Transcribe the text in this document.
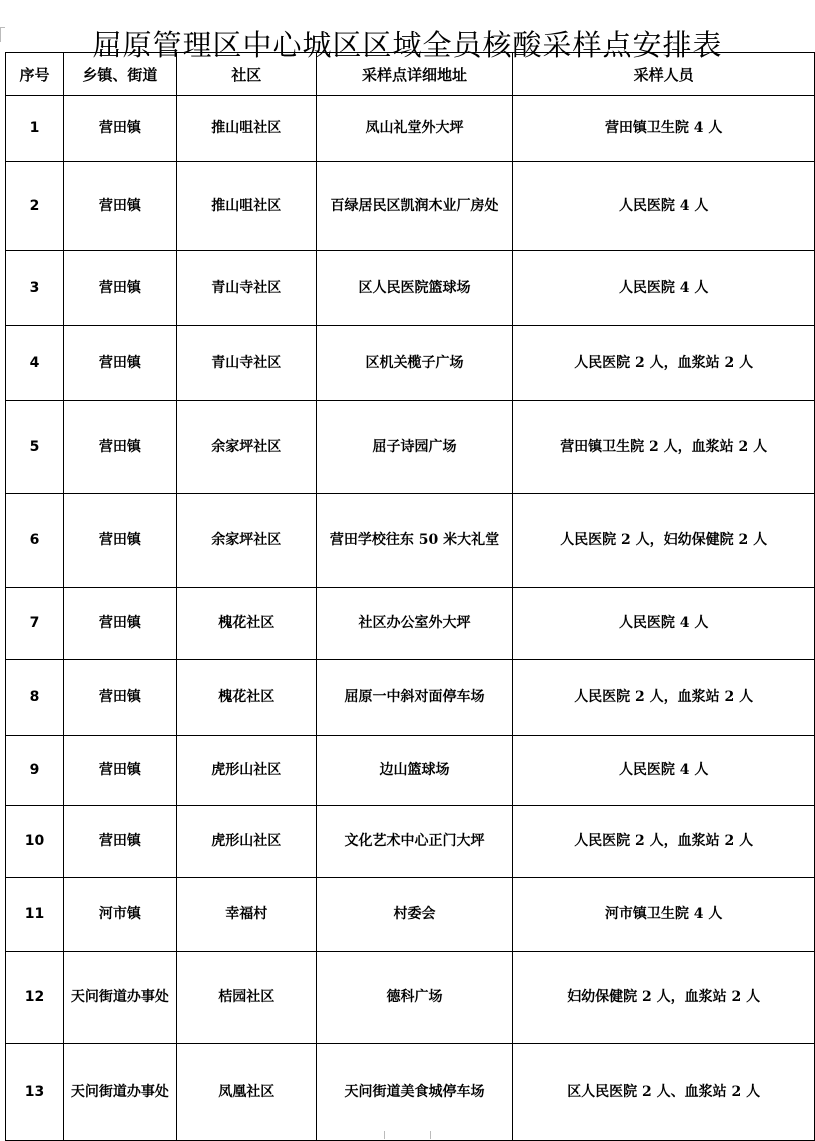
屈原管理区中心城区区域全员核酸采样点安排表
序号	乡镇、街道	社区	采样点详细地址	采样人员
1	营田镇	推山咀社区	凤山礼堂外大坪	营田镇卫生院 4 人
2	营田镇	推山咀社区	百绿居民区凯润木业厂房处	人民医院 4 人
3	营田镇	青山寺社区	区人民医院篮球场	人民医院 4 人
4	营田镇	青山寺社区	区机关榄子广场	人民医院 2 人，血浆站 2 人
5	营田镇	余家坪社区	屈子诗园广场	营田镇卫生院 2 人，血浆站 2 人
6	营田镇	余家坪社区	营田学校往东 50 米大礼堂	人民医院 2 人，妇幼保健院 2 人
7	营田镇	槐花社区	社区办公室外大坪	人民医院 4 人
8	营田镇	槐花社区	屈原一中斜对面停车场	人民医院 2 人，血浆站 2 人
9	营田镇	虎形山社区	边山篮球场	人民医院 4 人
10	营田镇	虎形山社区	文化艺术中心正门大坪	人民医院 2 人，血浆站 2 人
11	河市镇	幸福村	村委会	河市镇卫生院 4 人
12	天问街道办事处	桔园社区	德科广场	妇幼保健院 2 人，血浆站 2 人
13	天问街道办事处	凤凰社区	天问街道美食城停车场	区人民医院 2 人、血浆站 2 人
